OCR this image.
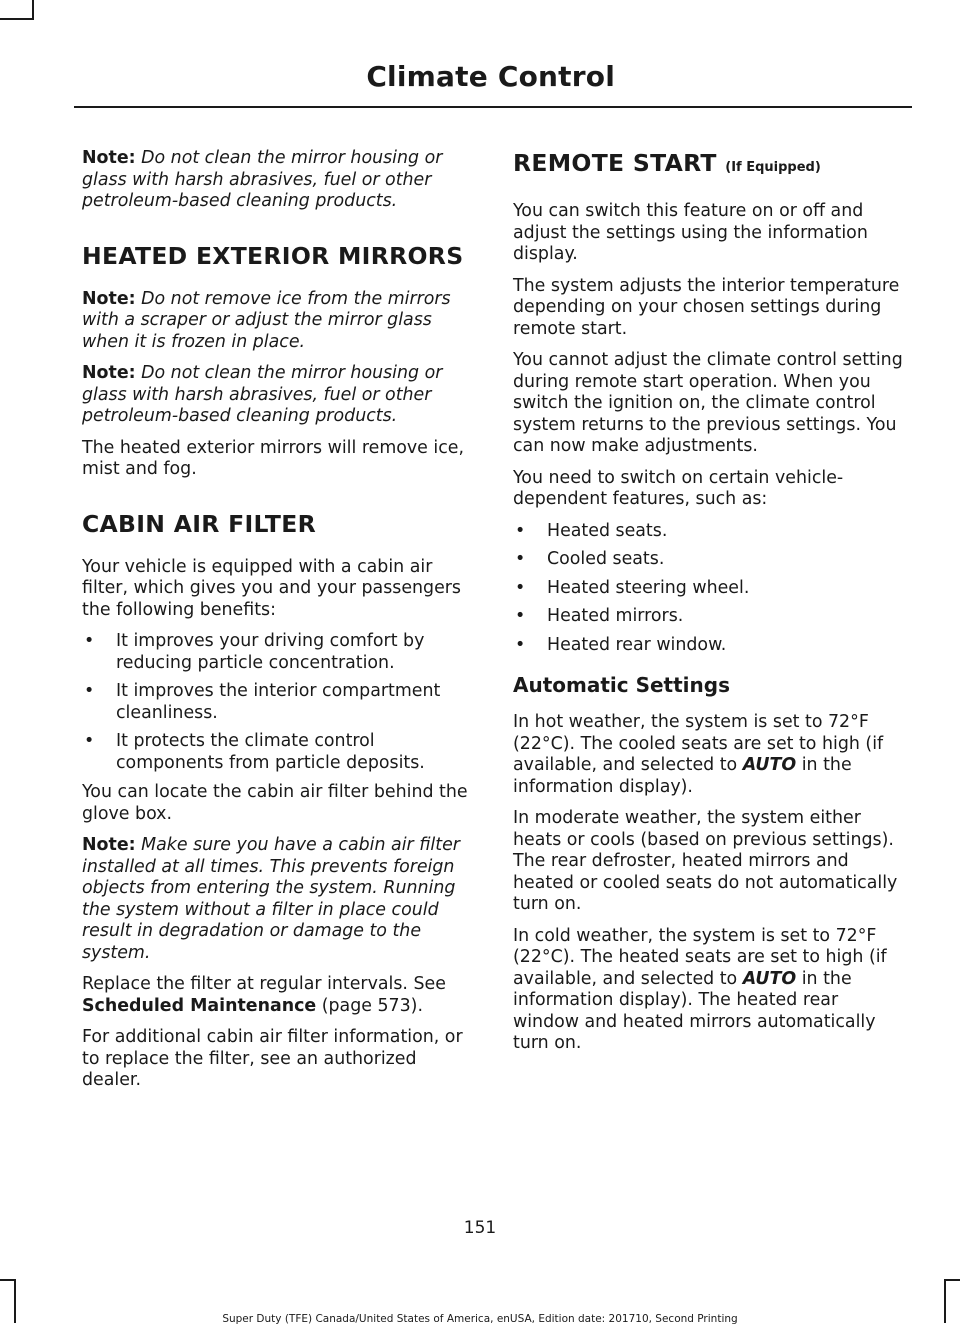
Climate Control

Note: Do not clean the mirror housing or glass with harsh abrasives, fuel or other petroleum-based cleaning products.

HEATED EXTERIOR MIRRORS

Note: Do not remove ice from the mirrors with a scraper or adjust the mirror glass when it is frozen in place.

Note: Do not clean the mirror housing or glass with harsh abrasives, fuel or other petroleum-based cleaning products.

The heated exterior mirrors will remove ice, mist and fog.

CABIN AIR FILTER

Your vehicle is equipped with a cabin air filter, which gives you and your passengers the following benefits:

• It improves your driving comfort by reducing particle concentration.
• It improves the interior compartment cleanliness.
• It protects the climate control components from particle deposits.

You can locate the cabin air filter behind the glove box.

Note: Make sure you have a cabin air filter installed at all times. This prevents foreign objects from entering the system. Running the system without a filter in place could result in degradation or damage to the system.

Replace the filter at regular intervals. See Scheduled Maintenance (page 573).

For additional cabin air filter information, or to replace the filter, see an authorized dealer.

REMOTE START (If Equipped)

You can switch this feature on or off and adjust the settings using the information display.

The system adjusts the interior temperature depending on your chosen settings during remote start.

You cannot adjust the climate control setting during remote start operation. When you switch the ignition on, the climate control system returns to the previous settings. You can now make adjustments.

You need to switch on certain vehicle-dependent features, such as:

• Heated seats.
• Cooled seats.
• Heated steering wheel.
• Heated mirrors.
• Heated rear window.
Automatic Settings

In hot weather, the system is set to 72°F (22°C). The cooled seats are set to high (if available, and selected to AUTO in the information display).

In moderate weather, the system either heats or cools (based on previous settings). The rear defroster, heated mirrors and heated or cooled seats do not automatically turn on.

In cold weather, the system is set to 72°F (22°C). The heated seats are set to high (if available, and selected to AUTO in the information display). The heated rear window and heated mirrors automatically turn on.

151
Super Duty (TFE) Canada/United States of America, enUSA, Edition date: 201710, Second Printing
